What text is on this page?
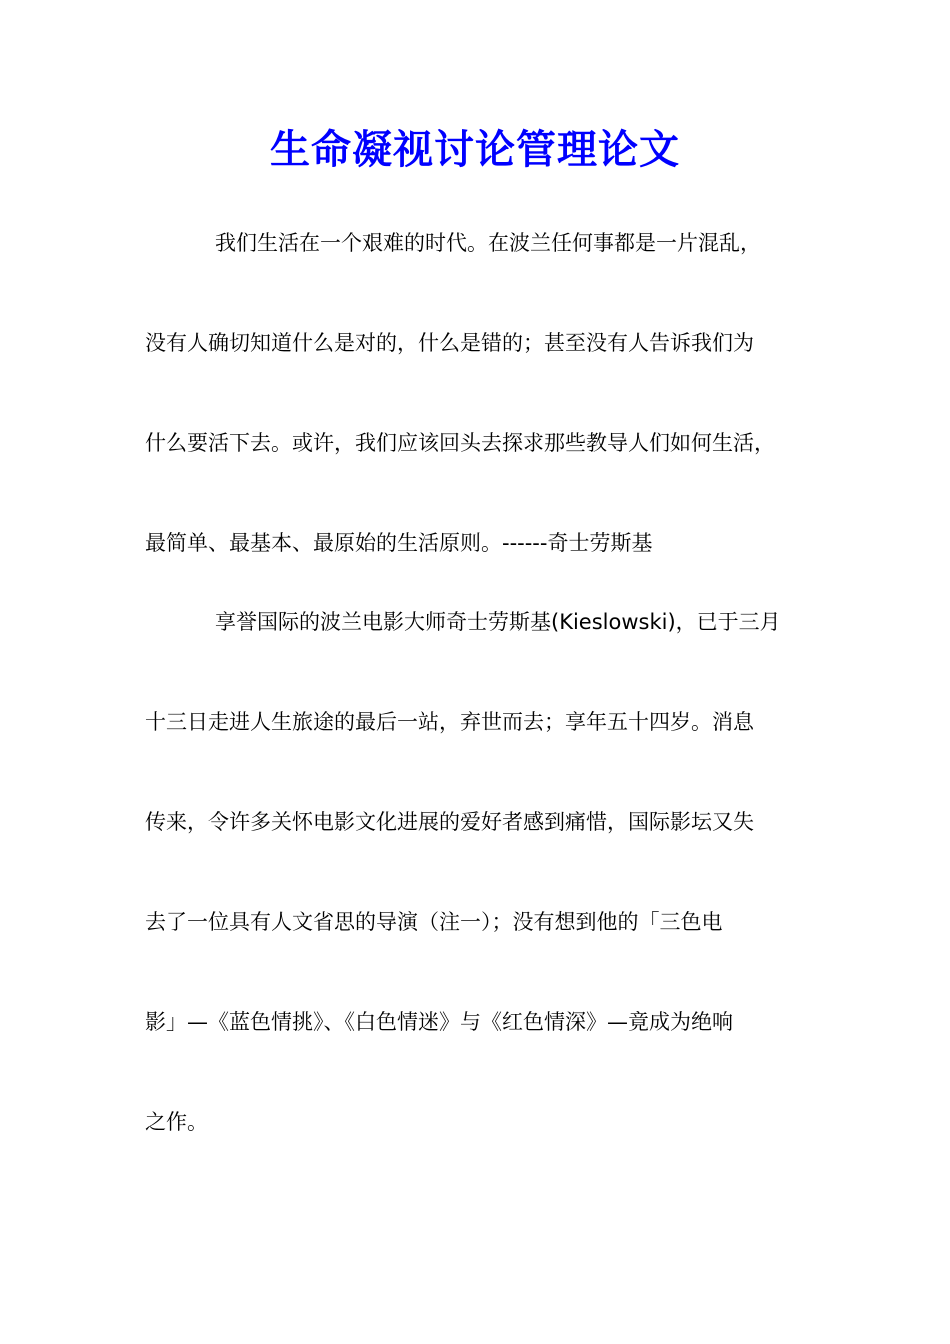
生命凝视讨论管理论文
我们生活在一个艰难的时代。在波兰任何事都是一片混乱，
没有人确切知道什么是对的，什么是错的；甚至没有人告诉我们为
什么要活下去。或许，我们应该回头去探求那些教导人们如何生活，
最简单、最基本、最原始的生活原则。------奇士劳斯基
享誉国际的波兰电影大师奇士劳斯基(Kieslowski)，已于三月
十三日走进人生旅途的最后一站，弃世而去；享年五十四岁。消息
传来，令许多关怀电影文化进展的爱好者感到痛惜，国际影坛又失
去了一位具有人文省思的导演（注一）；没有想到他的「三色电
影」—《蓝色情挑》、《白色情迷》与《红色情深》—竟成为绝响
之作。
